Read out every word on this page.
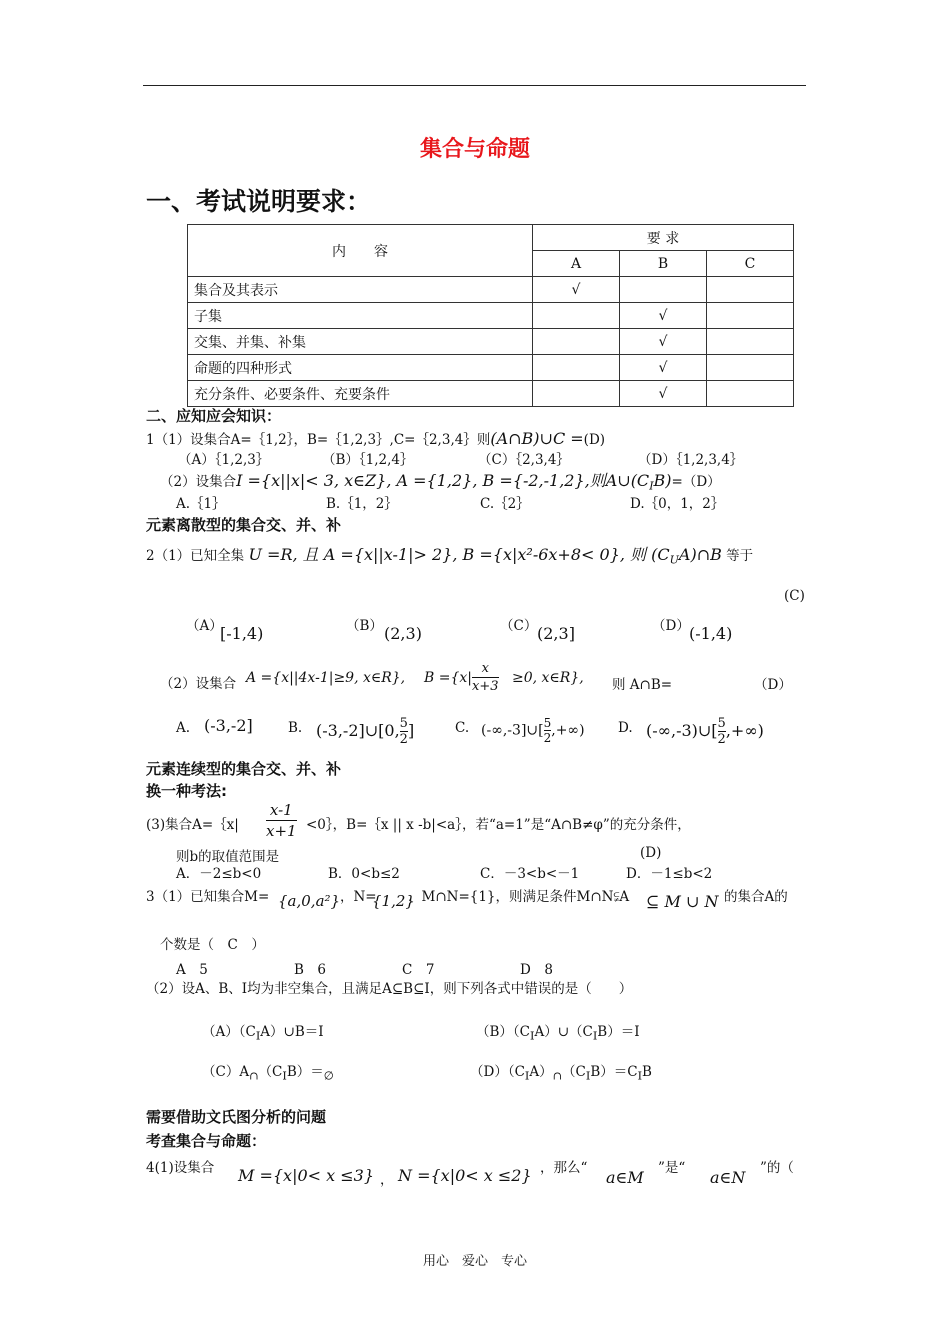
集合与命题
一、考试说明要求：
内　　容	要 求		
	A	B	C
集合及其表示	√		
子集		√	
交集、并集、补集		√	
命题的四种形式		√	
充分条件、必要条件、充要条件		√	
二、应知应会知识：
1（1）设集合A=｛1,2｝，B=｛1,2,3｝,C=｛2,3,4｝则(A∩B)∪C =(D)
（A）｛1,2,3｝	（B）｛1,2,4｝	（C）｛2,3,4｝	（D）｛1,2,3,4｝
（2）设集合I ={x||x|< 3, x∈Z}, A ={1,2}, B ={-2,-1,2},则$A\cup(C_IB)=(D)$
A.｛1｝	B.｛1，2｝	C.｛2｝	D.｛0，1，2｝
元素离散型的集合交、并、补
2（1）已知全集 U =R, 且 A ={x||x-1|> 2}, B ={x|x²-6x+8< 0}, 则 $(C_UA)\cap B$ 等于
(C)
（A）
[-1,4)	（B） (2,3)	（C） (2,3]	（D） (-1,4)
（2）设集合 A ={x||4x-1|≥9, x∈R}, B ={x|
x
x+3
≥0, x∈R}, 则 A∩B=	（D）
A. (-3,-2]	B. (-3,-2]∪[0, $\frac{5}{2}$ ]	C. (-∞,-3]∪[ $\frac{5}{2}$ ,+∞) D. (-∞,-3)∪[ $\frac{5}{2}$ ,+∞)
元素连续型的集合交、并、补
换一种考法:
(3)集合A=｛x|
x-1
x+1 <0｝，B=｛x || x -b|<a｝，若“a=1”是“A∩B≠φ”的充分条件，
则b的取值范围是	(D)
A．－2≤b<0	B．0<b≤2	C．－3<b<－1	D．－1≤b<2
3（1）已知集合M= {a,0,a²} ，N=
{1,2}
，M∩N={1}，则满足条件M∩N⫋A ⊆ M ∪ N 的集合A的
个数是（　C　）
A　5	B　6	C　7	D　8
（2）设A、B、I均为非空集合，且满足A⊆B⊆I，则下列各式中错误的是（　　）
$(A)(C_IA)\cup B=I$	$(B)(C_IA)\cup(C_IB)=I$
$(C)A_\cap(C_IB)=_\emptyset$	$(D)(C_IA)_\cap(C_IB)=C_IB$
需要借助文氏图分析的问题
考查集合与命题：
4(1)设集合 M ={x|0< x ≤3} ， N ={x|0< x ≤2} ，那么“ a∈M ”是“ a∈N ”的（
用心　爱心　专心
